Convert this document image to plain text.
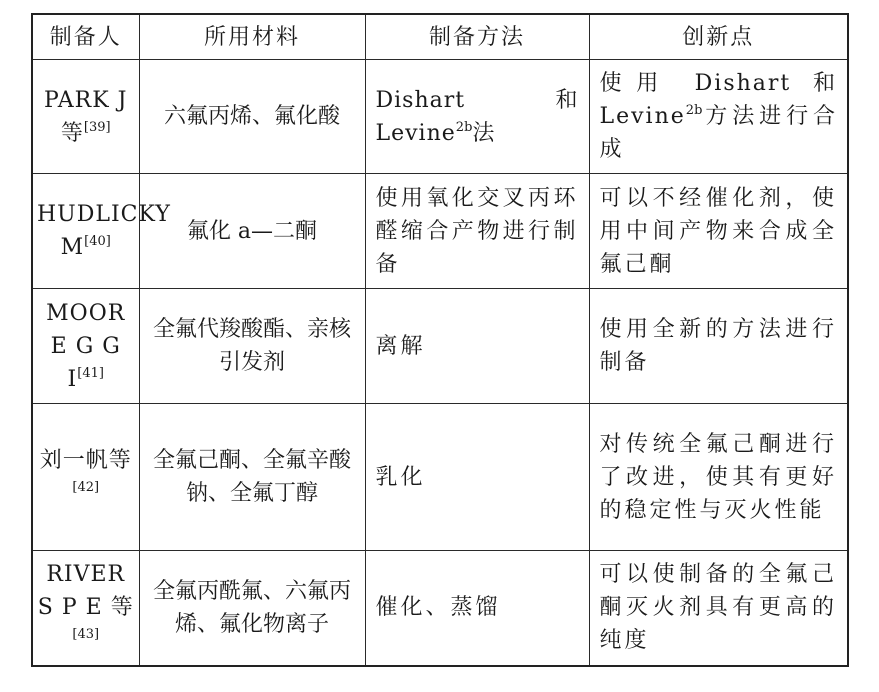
制备人	所用材料	制备方法	创新点
PARK J等[39]	六氟丙烯、氟化酸	Dishart 和 Levine$^{2b}$法	使用 Dishart 和 Levine$^{2b}$方法进行合成
HUDLICKY M[40]	氟化 a—二酮	使用氧化交叉丙环醛缩合产物进行制备	可以不经催化剂，使用中间产物来合成全氟己酮
MOOR E G G I[41]	全氟代羧酸酯、亲核引发剂	离解	使用全新的方法进行制备
刘一帆等[42]	全氟己酮、全氟辛酸钠、全氟丁醇	乳化	对传统全氟己酮进行了改进，使其有更好的稳定性与灭火性能
RIVER S P E 等[43]	全氟丙酰氟、六氟丙烯、氟化物离子	催化、蒸馏	可以使制备的全氟己酮灭火剂具有更高的纯度
